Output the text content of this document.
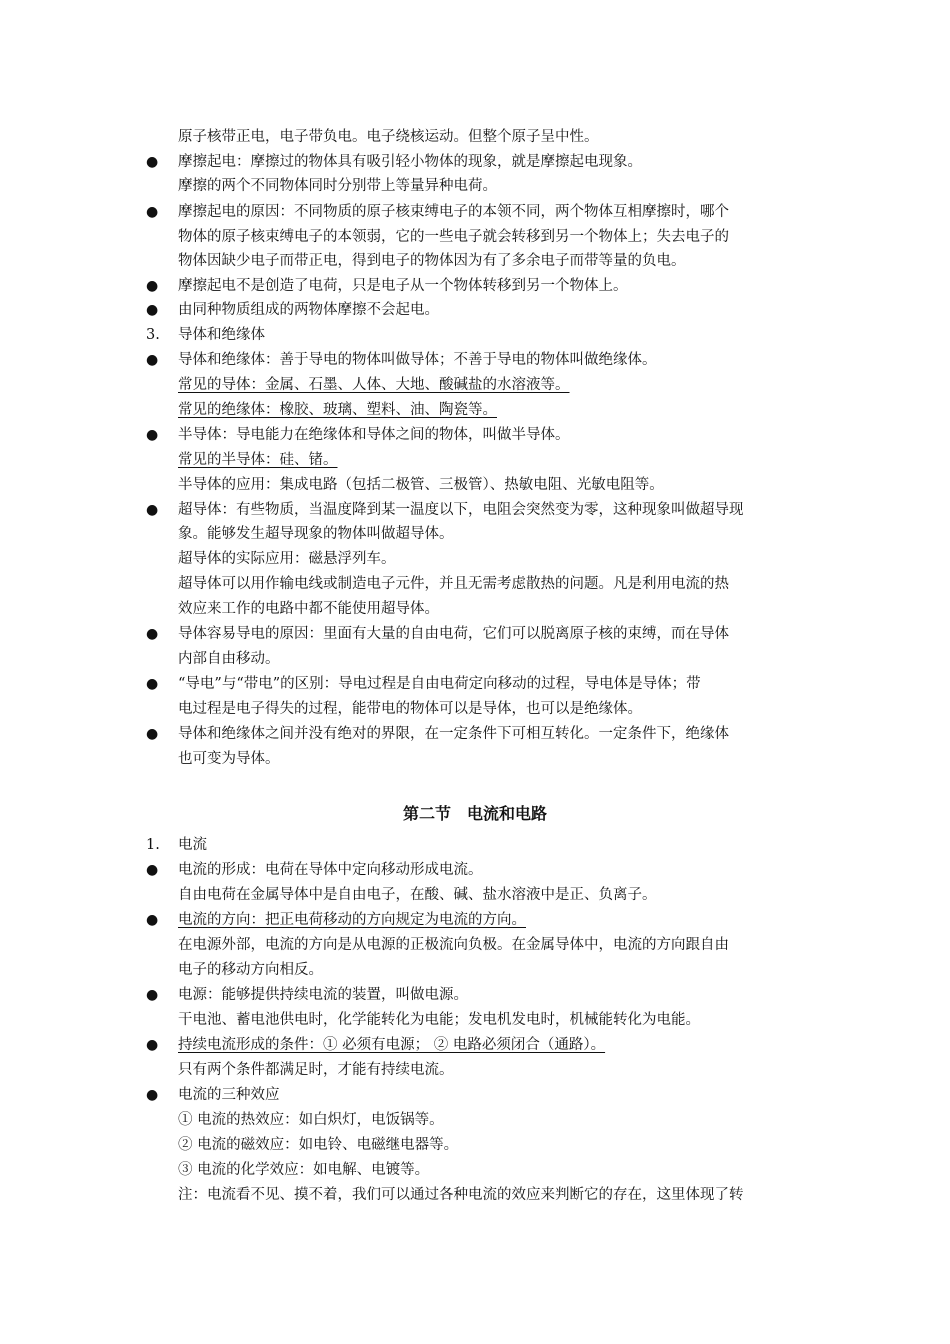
原子核带正电，电子带负电。电子绕核运动。但整个原子呈中性。
● 摩擦起电：摩擦过的物体具有吸引轻小物体的现象，就是摩擦起电现象。
摩擦的两个不同物体同时分别带上等量异种电荷。
● 摩擦起电的原因：不同物质的原子核束缚电子的本领不同，两个物体互相摩擦时，哪个
物体的原子核束缚电子的本领弱，它的一些电子就会转移到另一个物体上；失去电子的
物体因缺少电子而带正电，得到电子的物体因为有了多余电子而带等量的负电。
● 摩擦起电不是创造了电荷，只是电子从一个物体转移到另一个物体上。
● 由同种物质组成的两物体摩擦不会起电。
3. 导体和绝缘体
● 导体和绝缘体：善于导电的物体叫做导体；不善于导电的物体叫做绝缘体。
常见的导体：金属、石墨、人体、大地、酸碱盐的水溶液等。
常见的绝缘体：橡胶、玻璃、塑料、油、陶瓷等。
● 半导体：导电能力在绝缘体和导体之间的物体，叫做半导体。
常见的半导体：硅、锗。
半导体的应用：集成电路（包括二极管、三极管）、热敏电阻、光敏电阻等。
● 超导体：有些物质，当温度降到某一温度以下，电阻会突然变为零，这种现象叫做超导现
象。能够发生超导现象的物体叫做超导体。
超导体的实际应用：磁悬浮列车。
超导体可以用作输电线或制造电子元件，并且无需考虑散热的问题。凡是利用电流的热
效应来工作的电路中都不能使用超导体。
● 导体容易导电的原因：里面有大量的自由电荷，它们可以脱离原子核的束缚，而在导体
内部自由移动。
● “导电”与“带电”的区别：导电过程是自由电荷定向移动的过程，导电体是导体；带
电过程是电子得失的过程，能带电的物体可以是导体，也可以是绝缘体。
● 导体和绝缘体之间并没有绝对的界限，在一定条件下可相互转化。一定条件下，绝缘体
也可变为导体。
第二节　电流和电路
1. 电流
● 电流的形成：电荷在导体中定向移动形成电流。
自由电荷在金属导体中是自由电子，在酸、碱、盐水溶液中是正、负离子。
● 电流的方向：把正电荷移动的方向规定为电流的方向。
在电源外部，电流的方向是从电源的正极流向负极。在金属导体中，电流的方向跟自由
电子的移动方向相反。
● 电源：能够提供持续电流的装置，叫做电源。
干电池、蓄电池供电时，化学能转化为电能；发电机发电时，机械能转化为电能。
● 持续电流形成的条件：① 必须有电源； ② 电路必须闭合（通路）。
只有两个条件都满足时，才能有持续电流。
● 电流的三种效应
① 电流的热效应：如白炽灯，电饭锅等。
② 电流的磁效应：如电铃、电磁继电器等。
③ 电流的化学效应：如电解、电镀等。
注：电流看不见、摸不着，我们可以通过各种电流的效应来判断它的存在，这里体现了转
